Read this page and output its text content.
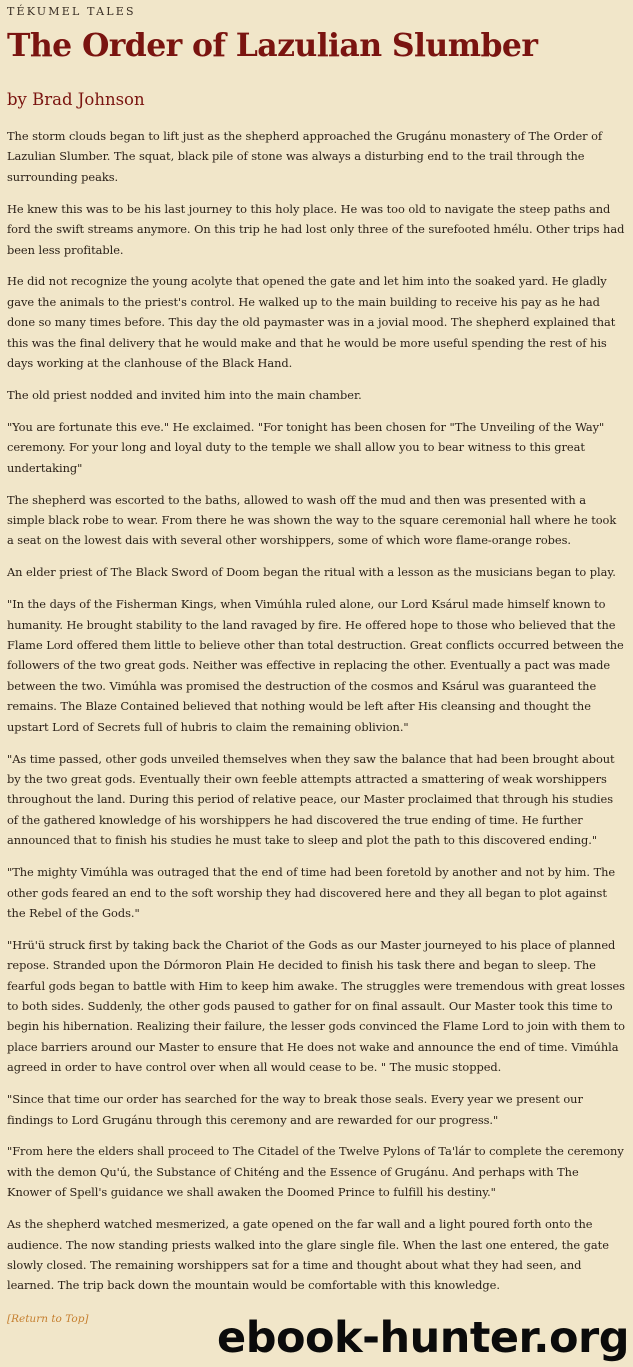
TÉKUMEL TALES
The Order of Lazulian Slumber
by Brad Johnson

The storm clouds began to lift just as the shepherd approached the Grugánu monastery of The Order of Lazulian Slumber. The squat, black pile of stone was always a disturbing end to the trail through the surrounding peaks.

He knew this was to be his last journey to this holy place. He was too old to navigate the steep paths and ford the swift streams anymore. On this trip he had lost only three of the surefooted hmélu. Other trips had been less profitable.

He did not recognize the young acolyte that opened the gate and let him into the soaked yard. He gladly gave the animals to the priest's control. He walked up to the main building to receive his pay as he had done so many times before. This day the old paymaster was in a jovial mood. The shepherd explained that this was the final delivery that he would make and that he would be more useful spending the rest of his days working at the clanhouse of the Black Hand.

The old priest nodded and invited him into the main chamber.

"You are fortunate this eve." He exclaimed. "For tonight has been chosen for "The Unveiling of the Way" ceremony. For your long and loyal duty to the temple we shall allow you to bear witness to this great undertaking"

The shepherd was escorted to the baths, allowed to wash off the mud and then was presented with a simple black robe to wear. From there he was shown the way to the square ceremonial hall where he took a seat on the lowest dais with several other worshippers, some of which wore flame-orange robes.

An elder priest of The Black Sword of Doom began the ritual with a lesson as the musicians began to play.

"In the days of the Fisherman Kings, when Vimúhla ruled alone, our Lord Ksárul made himself known to humanity. He brought stability to the land ravaged by fire. He offered hope to those who believed that the Flame Lord offered them little to believe other than total destruction. Great conflicts occurred between the followers of the two great gods. Neither was effective in replacing the other. Eventually a pact was made between the two. Vimúhla was promised the destruction of the cosmos and Ksárul was guaranteed the remains. The Blaze Contained believed that nothing would be left after His cleansing and thought the upstart Lord of Secrets full of hubris to claim the remaining oblivion."

"As time passed, other gods unveiled themselves when they saw the balance that had been brought about by the two great gods. Eventually their own feeble attempts attracted a smattering of weak worshippers throughout the land. During this period of relative peace, our Master proclaimed that through his studies of the gathered knowledge of his worshippers he had discovered the true ending of time. He further announced that to finish his studies he must take to sleep and plot the path to this discovered ending."

"The mighty Vimúhla was outraged that the end of time had been foretold by another and not by him. The other gods feared an end to the soft worship they had discovered here and they all began to plot against the Rebel of the Gods."

"Hrü'ü struck first by taking back the Chariot of the Gods as our Master journeyed to his place of planned repose. Stranded upon the Dórmoron Plain He decided to finish his task there and began to sleep. The fearful gods began to battle with Him to keep him awake. The struggles were tremendous with great losses to both sides. Suddenly, the other gods paused to gather for on final assault. Our Master took this time to begin his hibernation. Realizing their failure, the lesser gods convinced the Flame Lord to join with them to place barriers around our Master to ensure that He does not wake and announce the end of time. Vimúhla agreed in order to have control over when all would cease to be. " The music stopped.

"Since that time our order has searched for the way to break those seals. Every year we present our findings to Lord Grugánu through this ceremony and are rewarded for our progress."

"From here the elders shall proceed to The Citadel of the Twelve Pylons of Ta'lár to complete the ceremony with the demon Qu'ú, the Substance of Chiténg and the Essence of Grugánu. And perhaps with The Knower of Spell's guidance we shall awaken the Doomed Prince to fulfill his destiny."

As the shepherd watched mesmerized, a gate opened on the far wall and a light poured forth onto the audience. The now standing priests walked into the glare single file. When the last one entered, the gate slowly closed. The remaining worshippers sat for a time and thought about what they had seen, and learned. The trip back down the mountain would be comfortable with this knowledge.

[Return to Top]	ebook-hunter.org
